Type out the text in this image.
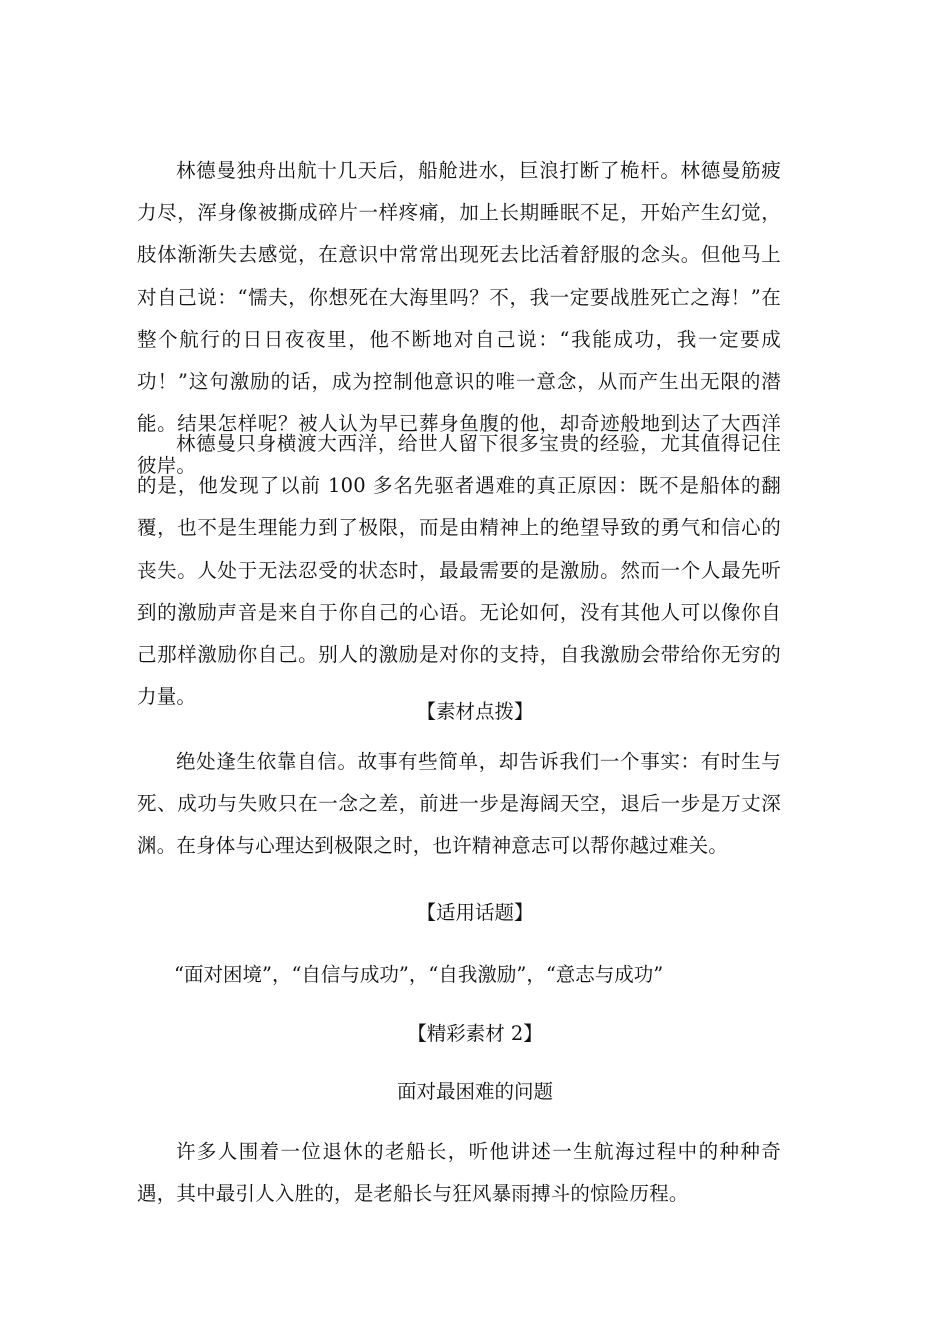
林德曼独舟出航十几天后，船舱进水，巨浪打断了桅杆。林德曼筋疲力尽，浑身像被撕成碎片一样疼痛，加上长期睡眠不足，开始产生幻觉，肢体渐渐失去感觉，在意识中常常出现死去比活着舒服的念头。但他马上对自己说：“懦夫，你想死在大海里吗？不，我一定要战胜死亡之海！”在整个航行的日日夜夜里，他不断地对自己说：“我能成功，我一定要成功！”这句激励的话，成为控制他意识的唯一意念，从而产生出无限的潜能。结果怎样呢？被人认为早已葬身鱼腹的他，却奇迹般地到达了大西洋彼岸。

林德曼只身横渡大西洋，给世人留下很多宝贵的经验，尤其值得记住的是，他发现了以前 100 多名先驱者遇难的真正原因：既不是船体的翻覆，也不是生理能力到了极限，而是由精神上的绝望导致的勇气和信心的丧失。人处于无法忍受的状态时，最最需要的是激励。然而一个人最先听到的激励声音是来自于你自己的心语。无论如何，没有其他人可以像你自己那样激励你自己。别人的激励是对你的支持，自我激励会带给你无穷的力量。

【素材点拨】

绝处逢生依靠自信。故事有些简单，却告诉我们一个事实：有时生与死、成功与失败只在一念之差，前进一步是海阔天空，退后一步是万丈深渊。在身体与心理达到极限之时，也许精神意志可以帮你越过难关。

【适用话题】

“面对困境”，“自信与成功”，“自我激励”，“意志与成功”

【精彩素材 2】

面对最困难的问题

许多人围着一位退休的老船长，听他讲述一生航海过程中的种种奇遇，其中最引人入胜的，是老船长与狂风暴雨搏斗的惊险历程。
